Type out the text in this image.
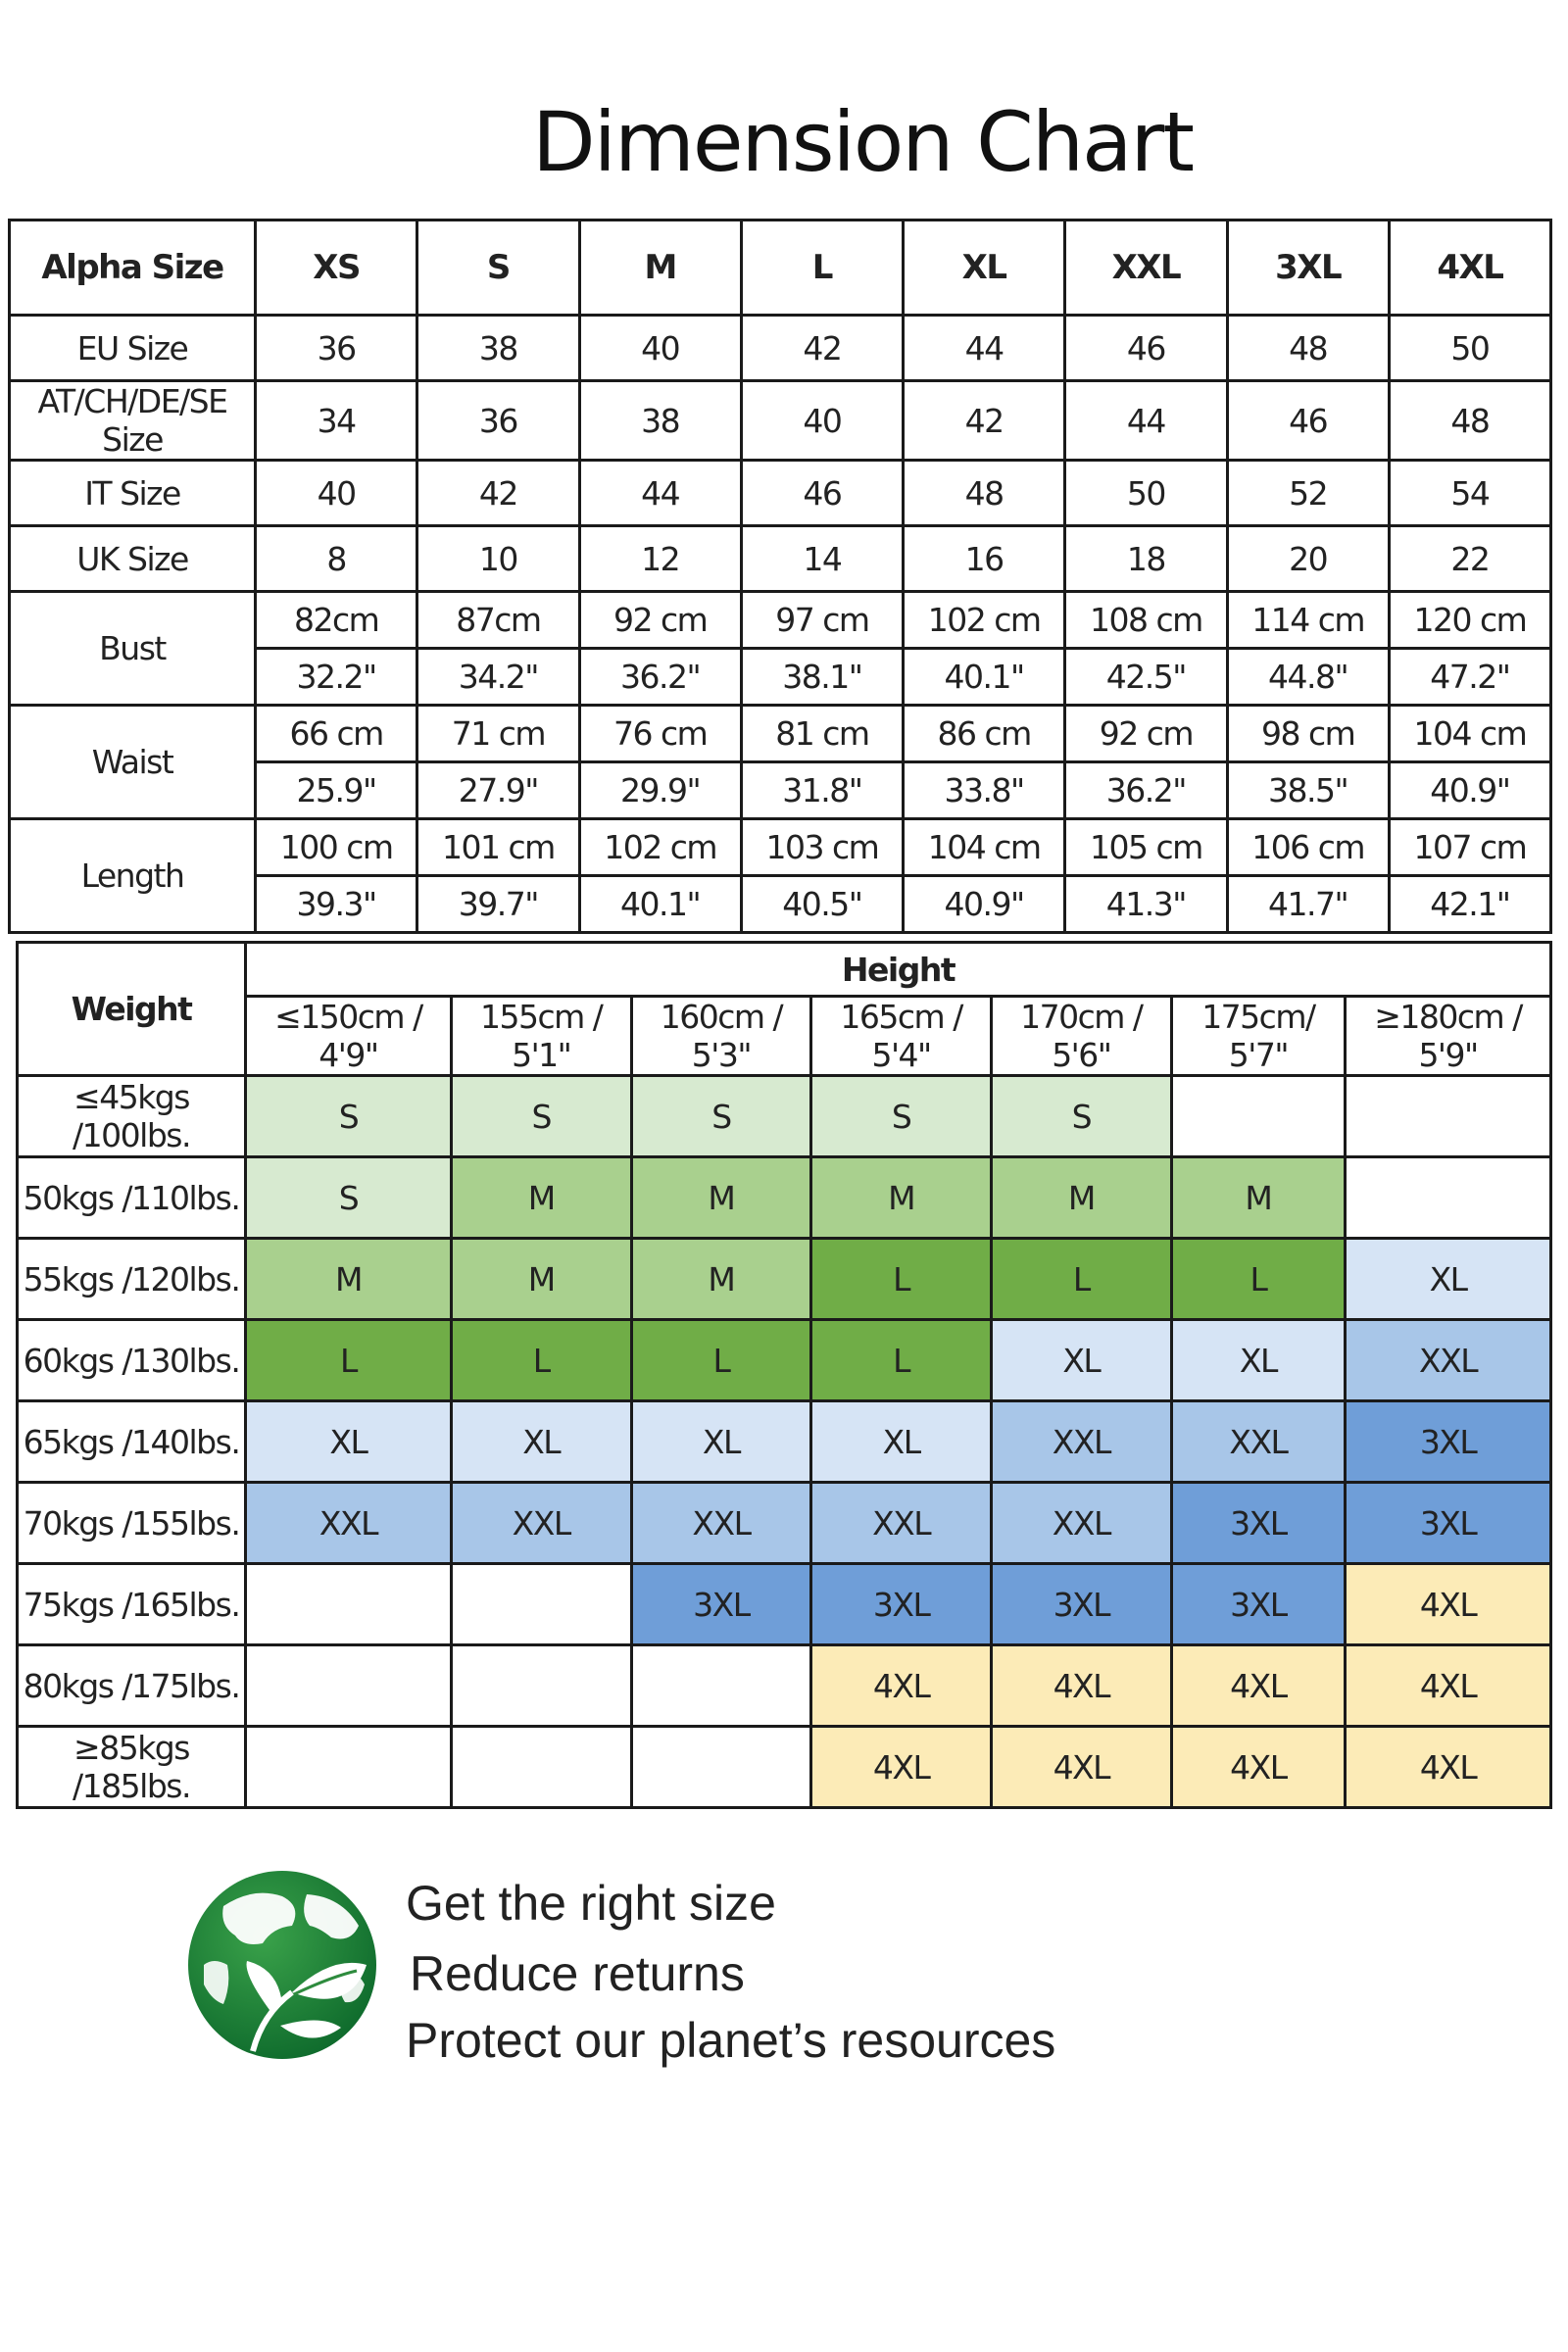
Dimension Chart
Alpha Size	XS	S	M	L	XL	XXL	3XL	4XL
EU Size	36	38	40	42	44	46	48	50
AT/CH/DE/SE Size	34	36	38	40	42	44	46	48
IT Size	40	42	44	46	48	50	52	54
UK Size	8	10	12	14	16	18	20	22
Bust	82cm	87cm	92 cm	97 cm	102 cm	108 cm	114 cm	120 cm
	32.2"	34.2"	36.2"	38.1"	40.1"	42.5"	44.8"	47.2"
Waist	66 cm	71 cm	76 cm	81 cm	86 cm	92 cm	98 cm	104 cm
	25.9"	27.9"	29.9"	31.8"	33.8"	36.2"	38.5"	40.9"
Length	100 cm	101 cm	102 cm	103 cm	104 cm	105 cm	106 cm	107 cm
	39.3"	39.7"	40.1"	40.5"	40.9"	41.3"	41.7"	42.1"
Weight	Height						
	≤150cm / 4'9"	155cm / 5'1"	160cm / 5'3"	165cm / 5'4"	170cm / 5'6"	175cm/ 5'7"	≥180cm / 5'9"
≤45kgs /100lbs.	S	S	S	S	S		
50kgs /110lbs.	S	M	M	M	M	M	
55kgs /120lbs.	M	M	M	L	L	L	XL
60kgs /130lbs.	L	L	L	L	XL	XL	XXL
65kgs /140lbs.	XL	XL	XL	XL	XXL	XXL	3XL
70kgs /155lbs.	XXL	XXL	XXL	XXL	XXL	3XL	3XL
75kgs /165lbs.			3XL	3XL	3XL	3XL	4XL
80kgs /175lbs.				4XL	4XL	4XL	4XL
≥85kgs /185lbs.				4XL	4XL	4XL	4XL
Get the right size
Reduce returns
Protect our planet’s resources
